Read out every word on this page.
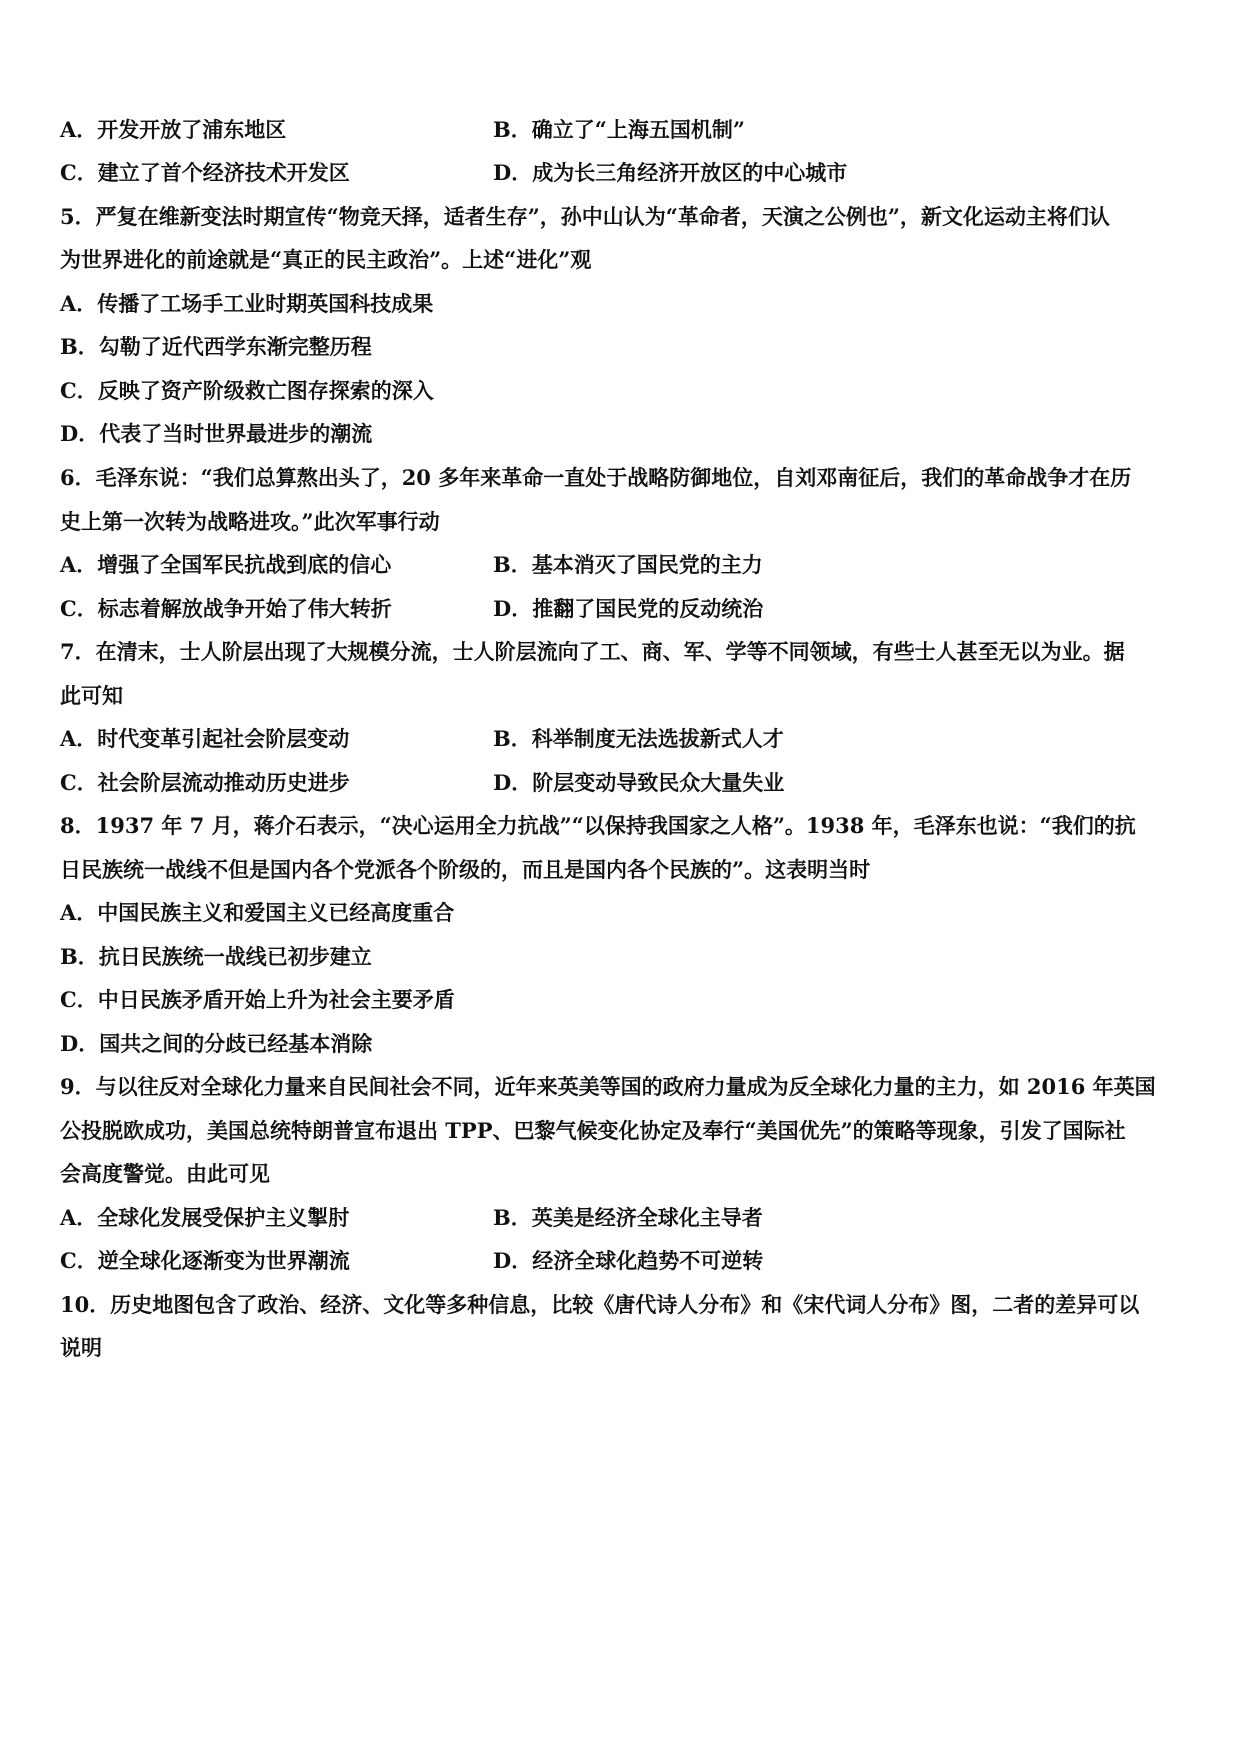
A．开发开放了浦东地区	B．确立了“上海五国机制”
C．建立了首个经济技术开发区	D．成为长三角经济开放区的中心城市
5．严复在维新变法时期宣传“物竞天择，适者生存”，孙中山认为“革命者，天演之公例也”，新文化运动主将们认
为世界进化的前途就是“真正的民主政治”。上述“进化”观
A．传播了工场手工业时期英国科技成果
B．勾勒了近代西学东渐完整历程
C．反映了资产阶级救亡图存探索的深入
D．代表了当时世界最进步的潮流
6．毛泽东说：“我们总算熬出头了，20 多年来革命一直处于战略防御地位，自刘邓南征后，我们的革命战争才在历
史上第一次转为战略进攻。”此次军事行动
A．增强了全国军民抗战到底的信心	B．基本消灭了国民党的主力
C．标志着解放战争开始了伟大转折	D．推翻了国民党的反动统治
7．在清末，士人阶层出现了大规模分流，士人阶层流向了工、商、军、学等不同领域，有些士人甚至无以为业。据
此可知
A．时代变革引起社会阶层变动	B．科举制度无法选拔新式人才
C．社会阶层流动推动历史进步	D．阶层变动导致民众大量失业
8．1937 年 7 月，蒋介石表示，“决心运用全力抗战”“以保持我国家之人格”。1938 年，毛泽东也说：“我们的抗
日民族统一战线不但是国内各个党派各个阶级的，而且是国内各个民族的”。这表明当时
A．中国民族主义和爱国主义已经高度重合
B．抗日民族统一战线已初步建立
C．中日民族矛盾开始上升为社会主要矛盾
D．国共之间的分歧已经基本消除
9．与以往反对全球化力量来自民间社会不同，近年来英美等国的政府力量成为反全球化力量的主力，如 2016 年英国
公投脱欧成功，美国总统特朗普宣布退出 TPP、巴黎气候变化协定及奉行“美国优先”的策略等现象，引发了国际社
会高度警觉。由此可见
A．全球化发展受保护主义掣肘	B．英美是经济全球化主导者
C．逆全球化逐渐变为世界潮流	D．经济全球化趋势不可逆转
10．历史地图包含了政治、经济、文化等多种信息，比较《唐代诗人分布》和《宋代词人分布》图，二者的差异可以
说明
